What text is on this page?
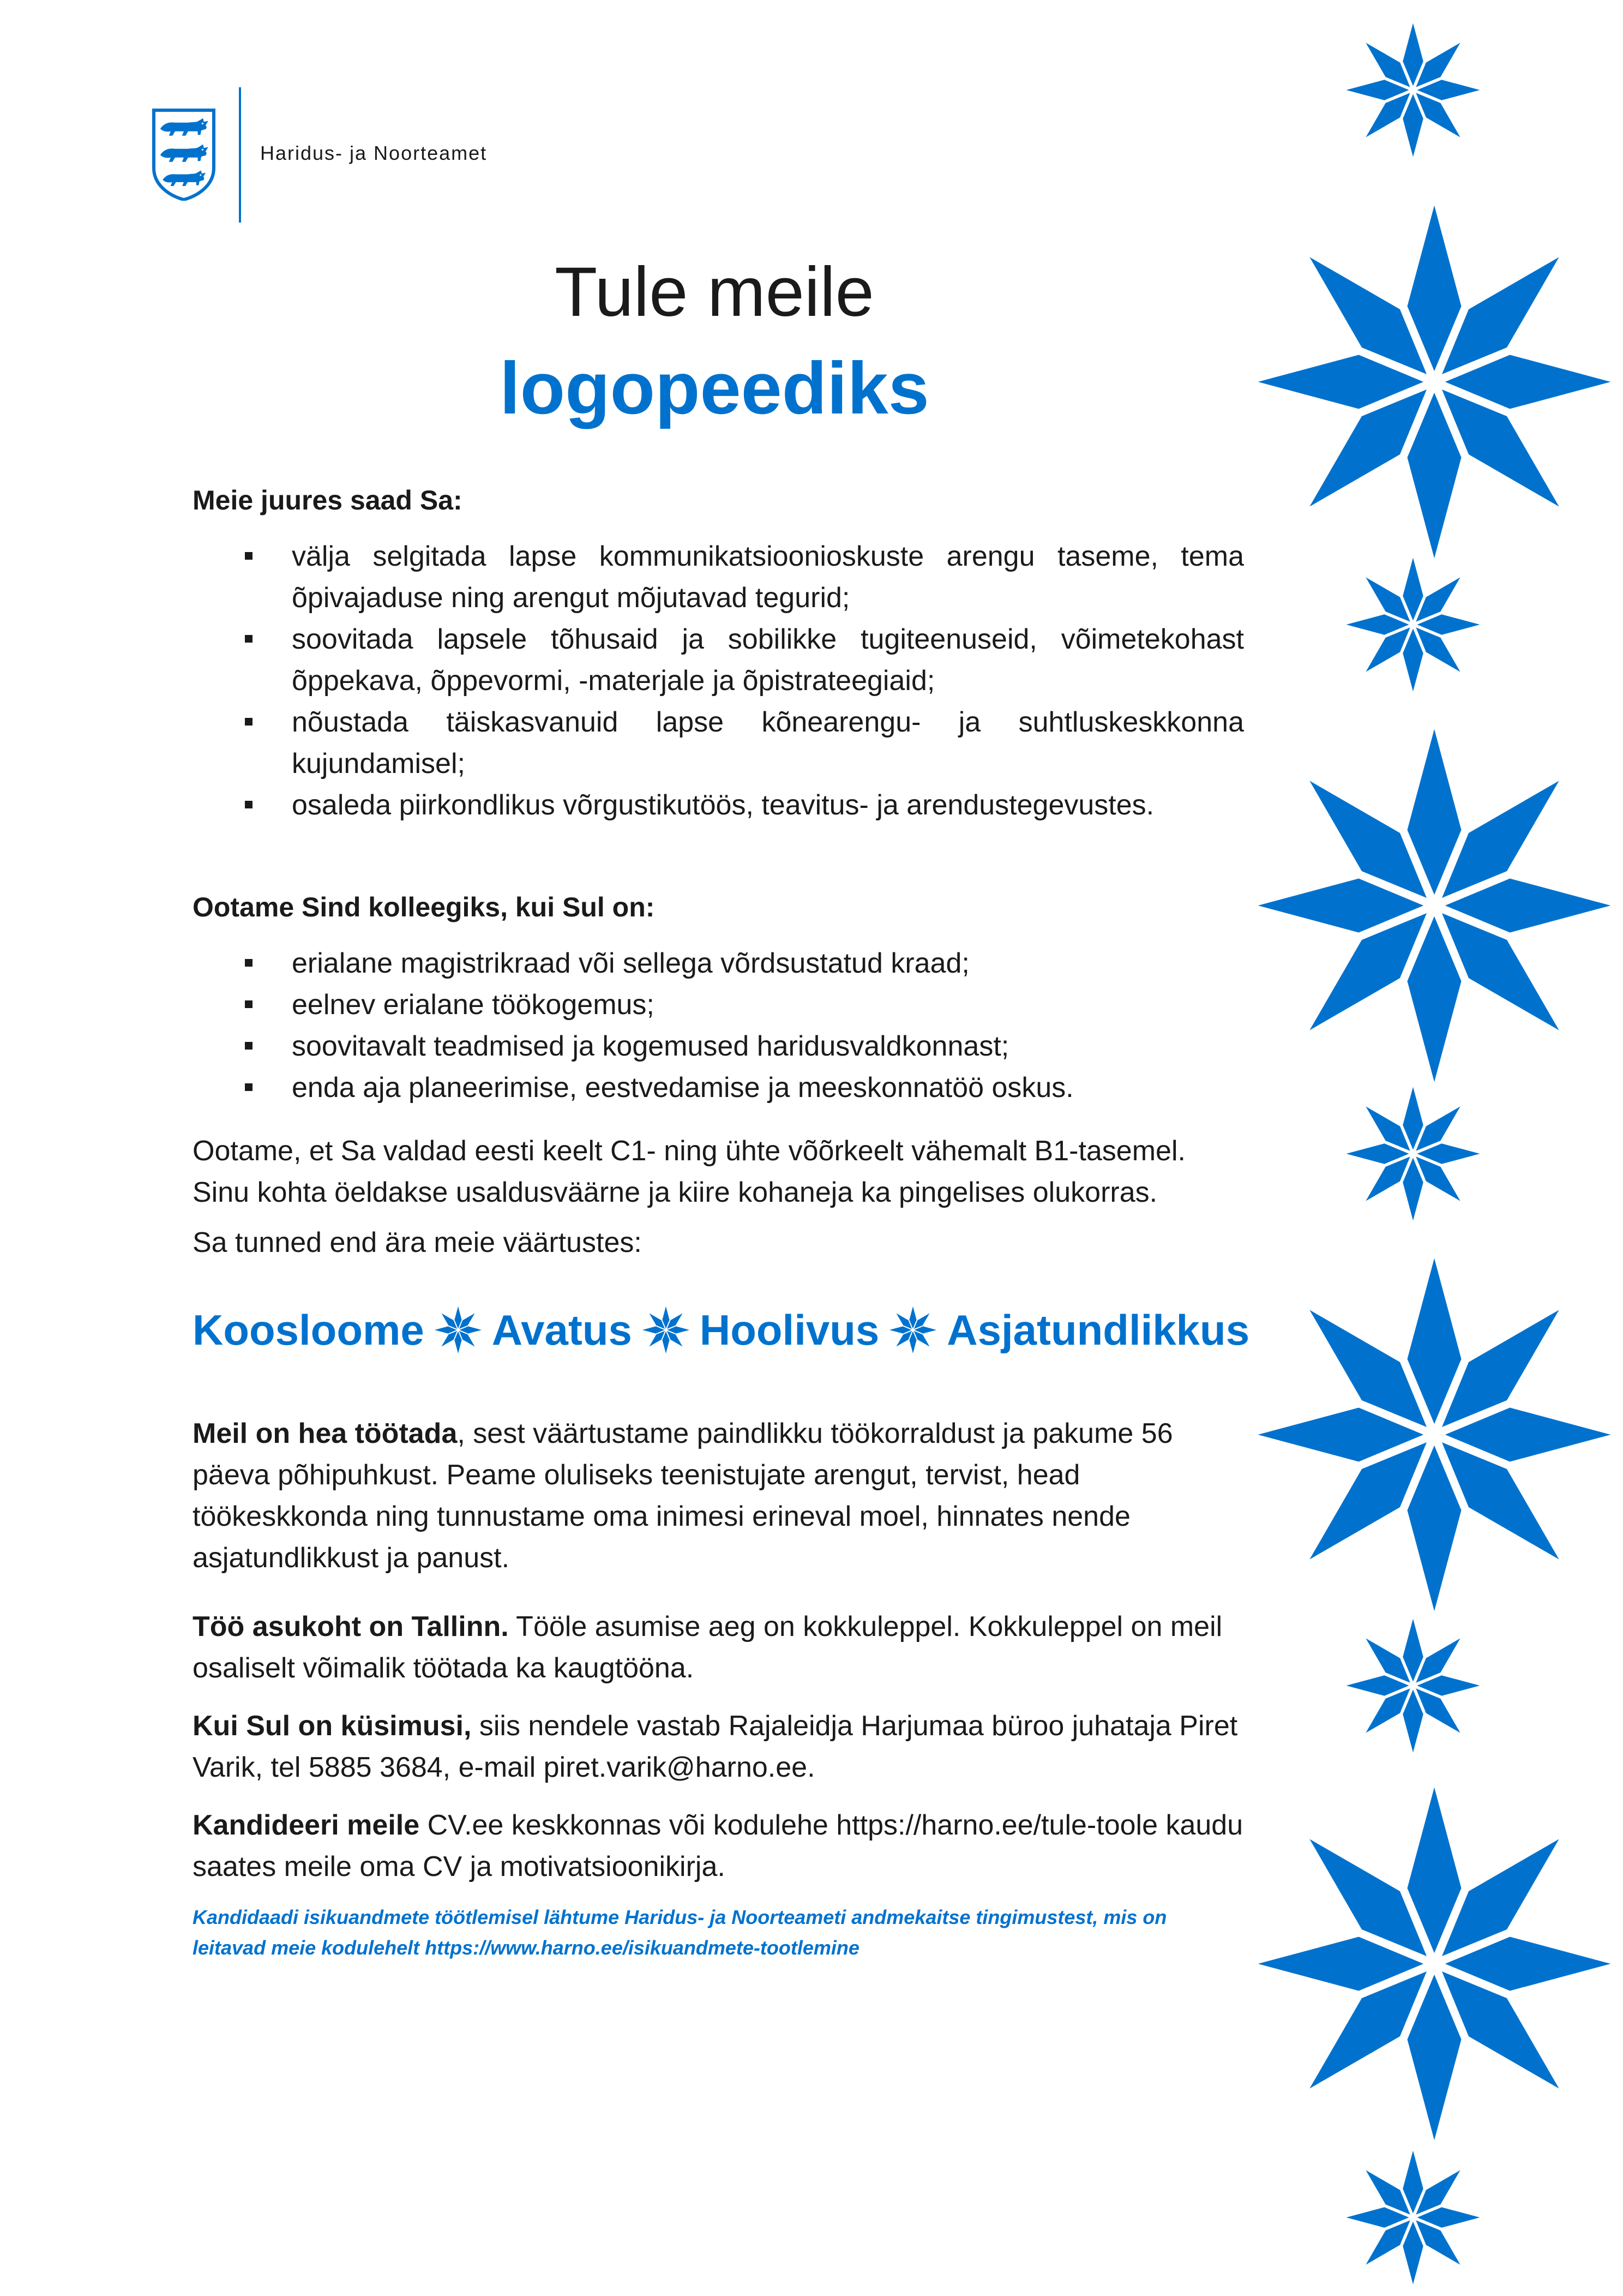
Haridus- ja Noorteamet
Tule meile
logopeediks
Meie juures saad Sa:
välja selgitada lapse kommunikatsioonioskuste arengu taseme, tema õpivajaduse ning arengut mõjutavad tegurid;
soovitada lapsele tõhusaid ja sobilikke tugiteenuseid, võimetekohast õppekava, õppevormi, -materjale ja õpistrateegiaid;
nõustada täiskasvanuid lapse kõnearengu- ja suhtluskeskkonna kujundamisel;
osaleda piirkondlikus võrgustikutöös, teavitus- ja arendustegevustes.
Ootame Sind kolleegiks, kui Sul on:
erialane magistrikraad või sellega võrdsustatud kraad;
eelnev erialane töökogemus;
soovitavalt teadmised ja kogemused haridusvaldkonnast;
enda aja planeerimise, eestvedamise ja meeskonnatöö oskus.

Ootame, et Sa valdad eesti keelt C1- ning ühte võõrkeelt vähemalt B1-tasemel. Sinu kohta öeldakse usaldusväärne ja kiire kohaneja ka pingelises olukorras.

Sa tunned end ära meie väärtustes:

Koosloome Avatus Hoolivus Asjatundlikkus

Meil on hea töötada, sest väärtustame paindlikku töökorraldust ja pakume 56 päeva põhipuhkust. Peame oluliseks teenistujate arengut, tervist, head töökeskkonda ning tunnustame oma inimesi erineval moel, hinnates nende asjatundlikkust ja panust.

Töö asukoht on Tallinn. Tööle asumise aeg on kokkuleppel. Kokkuleppel on meil osaliselt võimalik töötada ka kaugtööna.

Kui Sul on küsimusi, siis nendele vastab Rajaleidja Harjumaa büroo juhataja Piret Varik, tel 5885 3684, e-mail piret.varik@harno.ee.

Kandideeri meile CV.ee keskkonnas või kodulehe https://harno.ee/tule-toole kaudu saates meile oma CV ja motivatsioonikirja.

Kandidaadi isikuandmete töötlemisel lähtume Haridus- ja Noorteameti andmekaitse tingimustest, mis on leitavad meie kodulehelt https://www.harno.ee/isikuandmete-tootlemine
